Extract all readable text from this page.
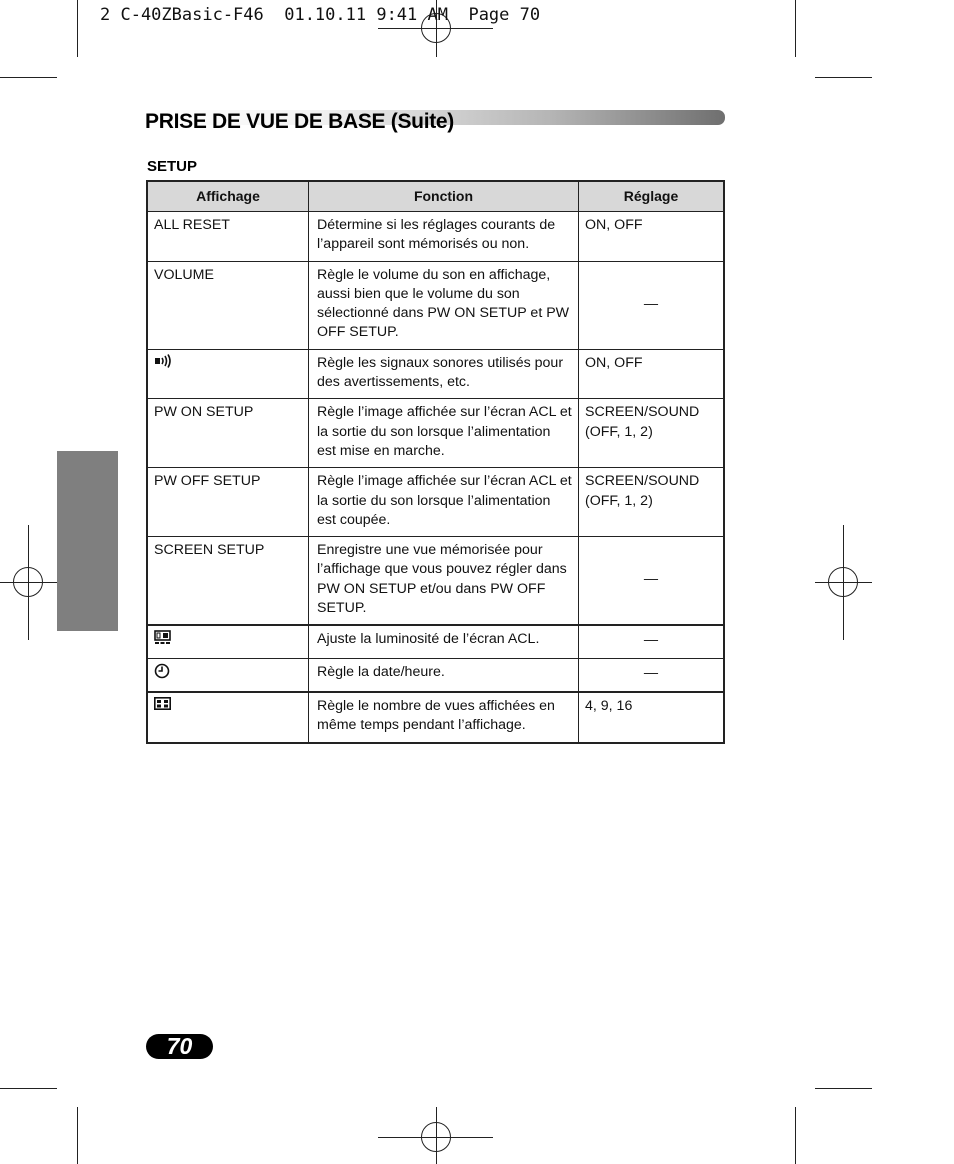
2 C-40ZBasic-F46  01.10.11 9:41 AM  Page 70
PRISE DE VUE DE BASE (Suite)
SETUP
Affichage	Fonction	Réglage
ALL RESET	Détermine si les réglages courants de l’appareil sont mémorisés ou non.	ON, OFF
VOLUME	Règle le volume du son en affichage, aussi bien que le volume du son sélectionné dans PW ON SETUP et PW OFF SETUP.	—
	Règle les signaux sonores utilisés pour des avertissements, etc.	ON, OFF
PW ON SETUP	Règle l’image affichée sur l’écran ACL et la sortie du son lorsque l’alimentation est mise en marche.	SCREEN/SOUND (OFF, 1, 2)
PW OFF SETUP	Règle l’image affichée sur l’écran ACL et la sortie du son lorsque l’alimentation est coupée.	SCREEN/SOUND (OFF, 1, 2)
SCREEN SETUP	Enregistre une vue mémorisée pour l’affichage que vous pouvez régler dans PW ON SETUP et/ou dans PW OFF SETUP.	—
	Ajuste la luminosité de l’écran ACL.	—
	Règle la date/heure.	—
	Règle le nombre de vues affichées en même temps pendant l’affichage.	4, 9, 16
70
